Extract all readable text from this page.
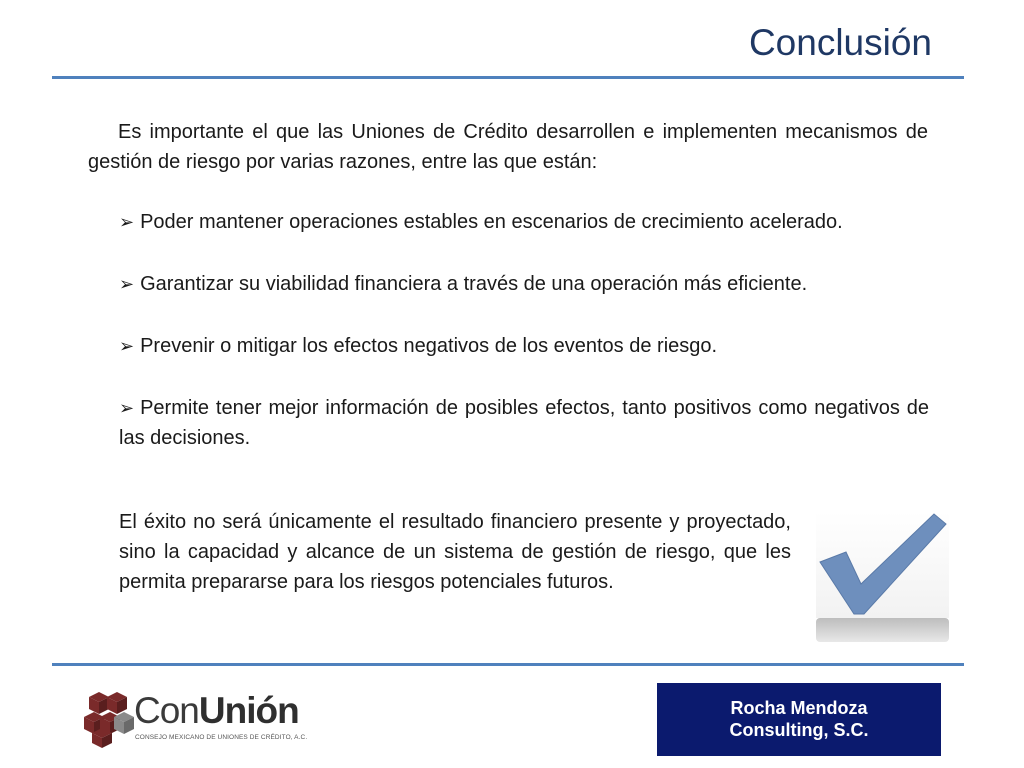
Conclusión
Es importante el que las Uniones de Crédito desarrollen e implementen mecanismos de gestión de riesgo por varias razones, entre las que están:
➢ Poder mantener operaciones estables en escenarios de crecimiento acelerado.
➢ Garantizar su viabilidad financiera a través de una operación más eficiente.
➢ Prevenir o mitigar los efectos negativos de los eventos de riesgo.
➢ Permite tener mejor información de posibles efectos, tanto positivos como negativos de las decisiones.
El éxito no será únicamente el resultado financiero presente y proyectado, sino la capacidad y alcance de un sistema de gestión de riesgo, que les permita prepararse para los riesgos potenciales futuros.
ConUnión
CONSEJO MEXICANO DE UNIONES DE CRÉDITO, A.C.
Rocha Mendoza
Consulting, S.C.
